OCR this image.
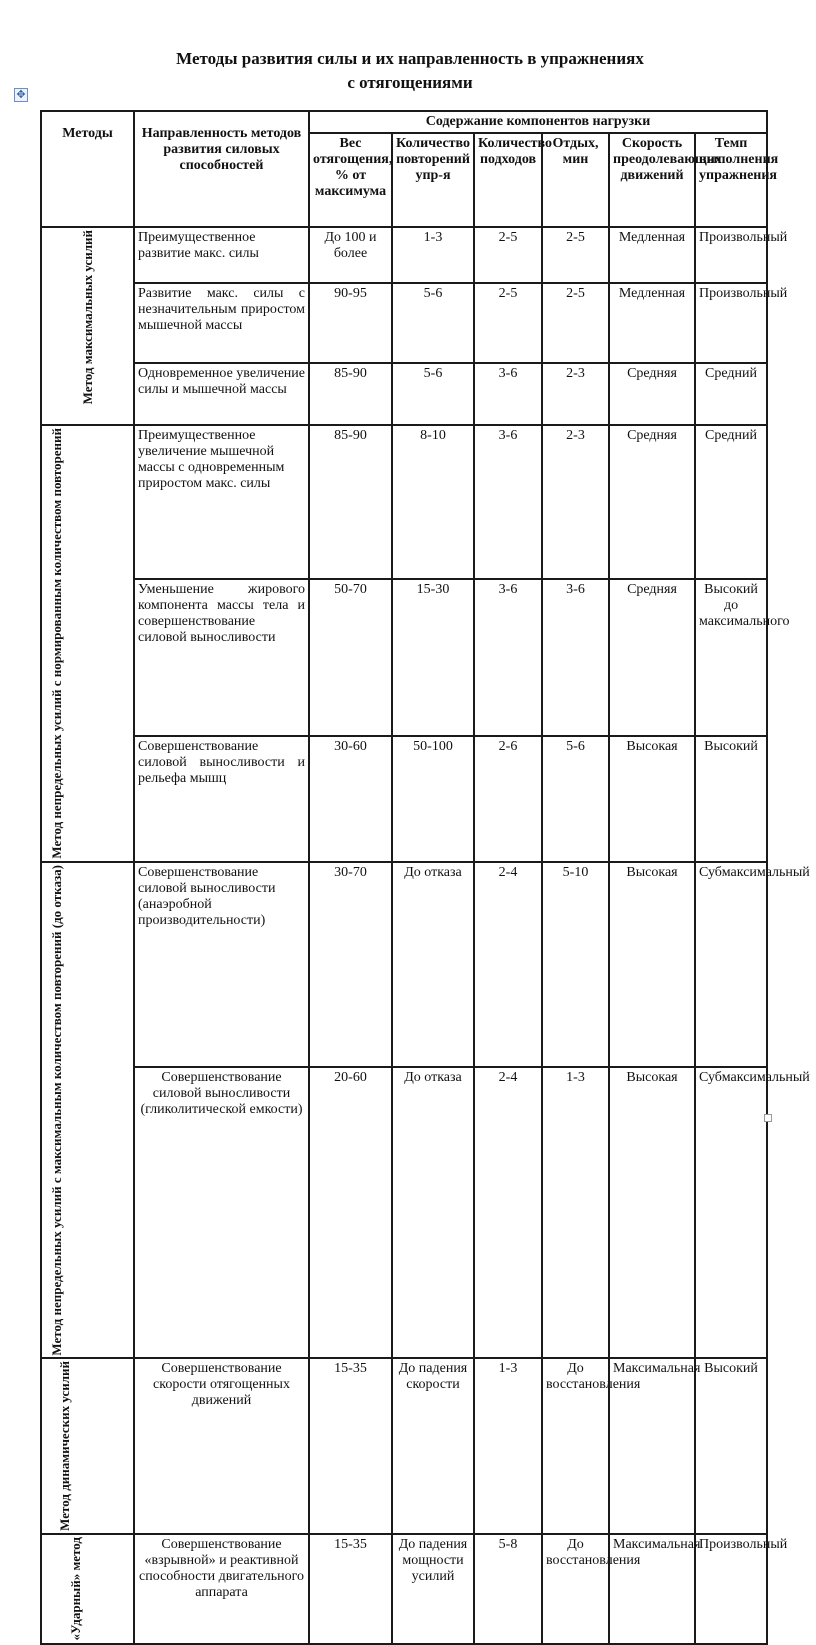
Методы развития силы и их направленность в упражнениях
с отягощениями
✥
Методы	Направленность методов развития силовых способностей	Содержание компонентов нагрузки					
		Вес отягощения, % от максимума	Количество повторений упр-я	Количество подходов	Отдых, мин	Скорость преодолевающих движений	Темп выполнения упражнения

Метод максимальных усилий	Преимущественное развитие макс. силы	До 100 и более	1-3	2-5	2-5	Медленная	Произвольный
	Развитие макс. силы с незначительным приростом мышечной массы	90-95	5-6	2-5	2-5	Медленная	Произвольный
	Одновременное увеличение силы и мышечной массы	85-90	5-6	3-6	2-3	Средняя	Средний

Метод непредельных усилий с нормированным количеством повторений	Преимущественное увеличение мышечной массы с одновременным приростом макс. силы	85-90	8-10	3-6	2-3	Средняя	Средний
	Уменьшение жирового компонента массы тела и совершенствование силовой выносливости	50-70	15-30	3-6	3-6	Средняя	Высокий до максимального
	Совершенствование силовой выносливости и рельефа мышц	30-60	50-100	2-6	5-6	Высокая	Высокий

Метод непредельных усилий с максимальным количеством повторений (до отказа)	Совершенствование силовой выносливости (анаэробной производительности)	30-70	До отказа	2-4	5-10	Высокая	Субмаксимальный
	Совершенствование силовой выносливости (гликолитической емкости)	20-60	До отказа	2-4	1-3	Высокая	Субмаксимальный

Метод динамических усилий	Совершенствование скорости отягощенных движений	15-35	До падения скорости	1-3	До восстановления	Максимальная	Высокий

«Ударный» метод	Совершенствование «взрывной» и реактивной способности двигательного аппарата	15-35	До падения мощности усилий	5-8	До восстановления	Максимальная	Произвольный
